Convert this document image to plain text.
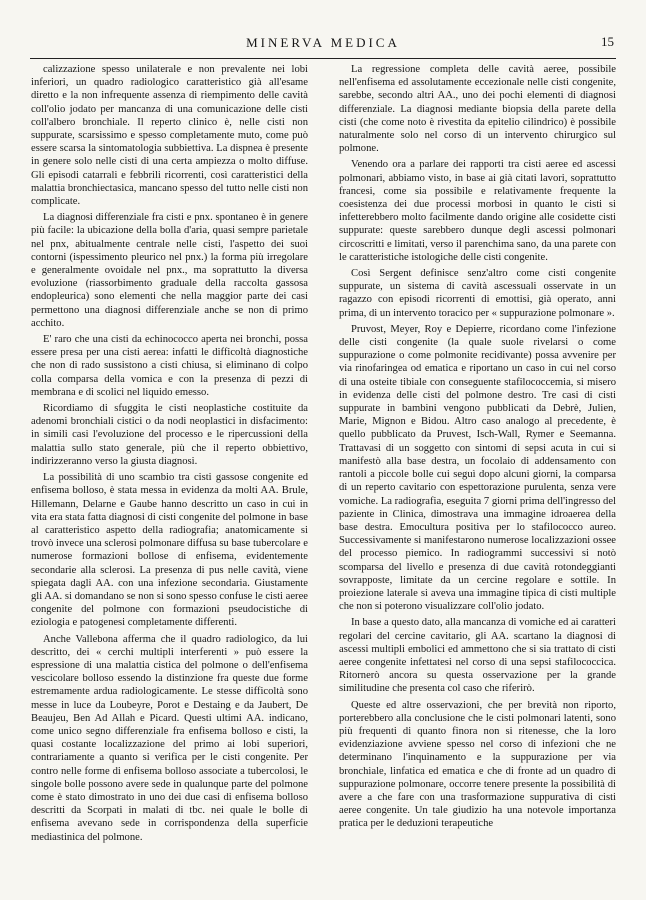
MINERVA MEDICA	15

calizzazione spesso unilaterale e non prevalente nei lobi inferiori, un quadro radiologico caratteristico già all'esame diretto e la non infrequente assenza di riempimento delle cavità coll'olio jodato per mancanza di una comunicazione delle cisti coll'albero bronchiale. Il reperto clinico è, nelle cisti non suppurate, scarsissimo e spesso completamente muto, come può essere scarsa la sintomatologia subbiettiva. La dispnea è presente in genere solo nelle cisti di una certa ampiezza o molto diffuse. Gli episodi catarrali e febbrili ricorrenti, così caratteristici della malattia bronchiectasica, mancano spesso del tutto nelle cisti non complicate.

La diagnosi differenziale fra cisti e pnx. spontaneo è in genere più facile: la ubicazione della bolla d'aria, quasi sempre parietale nel pnx, abitualmente centrale nelle cisti, l'aspetto dei suoi contorni (ispessimento pleurico nel pnx.) la forma più irregolare e generalmente ovoidale nel pnx., ma soprattutto la diversa evoluzione (riassorbimento graduale della raccolta gassosa endopleurica) sono elementi che nella maggior parte dei casi permettono una diagnosi differenziale anche se non di primo acchito.

E' raro che una cisti da echinococco aperta nei bronchi, possa essere presa per una cisti aerea: infatti le difficoltà diagnostiche che non di rado sussistono a cisti chiusa, si eliminano di colpo colla comparsa della vomica e con la presenza di pezzi di membrana e di scolici nel liquido emesso.

Ricordiamo di sfuggita le cisti neoplastiche costituite da adenomi bronchiali cistici o da nodi neoplastici in disfacimento: in simili casi l'evoluzione del processo e le ripercussioni della malattia sullo stato generale, più che il reperto obbiettivo, indirizzeranno verso la giusta diagnosi.

La possibilità di uno scambio tra cisti gassose congenite ed enfisema bolloso, è stata messa in evidenza da molti AA. Brule, Hillemann, Delarne e Gaube hanno descritto un caso in cui in vita era stata fatta diagnosi di cisti congenite del polmone in base al caratteristico aspetto della radiografia; anatomicamente si trovò invece una sclerosi polmonare diffusa su base tubercolare e numerose formazioni bollose di enfisema, evidentemente secondarie alla sclerosi. La presenza di pus nelle cavità, viene spiegata dagli AA. con una infezione secondaria. Giustamente gli AA. si domandano se non si sono spesso confuse le cisti aeree congenite del polmone con formazioni pseudocistiche di eziologia e patogenesi completamente differenti.

Anche Vallebona afferma che il quadro radiologico, da lui descritto, dei « cerchi multipli interferenti » può essere la espressione di una malattia cistica del polmone o dell'enfisema vescicolare bolloso essendo la distinzione fra queste due forme estremamente ardua radiologicamente. Le stesse difficoltà sono messe in luce da Loubeyre, Porot e Destaing e da Jaubert, De Beaujeu, Ben Ad Allah e Picard. Questi ultimi AA. indicano, come unico segno differenziale fra enfisema bolloso e cisti, la quasi costante localizzazione del primo ai lobi superiori, contrariamente a quanto si verifica per le cisti congenite. Per contro nelle forme di enfisema bolloso associate a tubercolosi, le singole bolle possono avere sede in qualunque parte del polmone come è stato dimostrato in uno dei due casi di enfisema bolloso descritti da Scorpati in malati di tbc. nei quale le bolle di enfisema avevano sede in corrispondenza della superficie mediastinica del polmone.

La regressione completa delle cavità aeree, possibile nell'enfisema ed assolutamente eccezionale nelle cisti congenite, sarebbe, secondo altri AA., uno dei pochi elementi di diagnosi differenziale. La diagnosi mediante biopsia della parete della cisti (che come noto è rivestita da epitelio cilindrico) è possibile naturalmente solo nel corso di un intervento chirurgico sul polmone.

Venendo ora a parlare dei rapporti tra cisti aeree ed ascessi polmonari, abbiamo visto, in base ai già citati lavori, soprattutto francesi, come sia possibile e relativamente frequente la coesistenza dei due processi morbosi in quanto le cisti si infetterebbero molto facilmente dando origine alle cosidette cisti suppurate: queste sarebbero dunque degli ascessi polmonari circoscritti e limitati, verso il parenchima sano, da una parete con le caratteristiche istologiche delle cisti congenite.

Così Sergent definisce senz'altro come cisti congenite suppurate, un sistema di cavità ascessuali osservate in un ragazzo con episodi ricorrenti di emottisi, già operato, anni prima, di un intervento toracico per « suppurazione polmonare ».

Pruvost, Meyer, Roy e Depierre, ricordano come l'infezione delle cisti congenite (la quale suole rivelarsi o come suppurazione o come polmonite recidivante) possa avvenire per via rinofaringea od ematica e riportano un caso in cui nel corso di una osteite tibiale con conseguente stafilococcemia, si misero in evidenza delle cisti del polmone destro. Tre casi di cisti suppurate in bambini vengono pubblicati da Debrè, Julien, Marie, Mignon e Bidou. Altro caso analogo al precedente, è quello pubblicato da Pruvest, Isch-Wall, Rymer e Seemanna. Trattavasi di un soggetto con sintomi di sepsi acuta in cui si manifestò alla base destra, un focolaio di addensamento con rantoli a piccole bolle cui seguì dopo alcuni giorni, la comparsa di un reperto cavitario con espettorazione purulenta, senza vere vomiche. La radiografia, eseguita 7 giorni prima dell'ingresso del paziente in Clinica, dimostrava una immagine idroaerea della base destra. Emocultura positiva per lo stafilococco aureo. Successivamente si manifestarono numerose localizzazioni ossee del processo piemico. In radiogrammi successivi si notò scomparsa del livello e presenza di due cavità rotondeggianti sovrapposte, limitate da un cercine regolare e sottile. In proiezione laterale si aveva una immagine tipica di cisti multiple che non si poterono visualizzare coll'olio jodato.

In base a questo dato, alla mancanza di vomiche ed ai caratteri regolari del cercine cavitario, gli AA. scartano la diagnosi di ascessi multipli embolici ed ammettono che si sia trattato di cisti aeree congenite infettatesi nel corso di una sepsi stafilococcica. Ritornerò ancora su questa osservazione per la grande similitudine che presenta col caso che riferirò.

Queste ed altre osservazioni, che per brevità non riporto, porterebbero alla conclusione che le cisti polmonari latenti, sono più frequenti di quanto finora non si ritenesse, che la loro evidenziazione avviene spesso nel corso di infezioni che ne determinano l'inquinamento e la suppurazione per via bronchiale, linfatica ed ematica e che di fronte ad un quadro di suppurazione polmonare, occorre tenere presente la possibilità di avere a che fare con una trasformazione suppurativa di cisti aeree congenite. Un tale giudizio ha una notevole importanza pratica per le deduzioni terapeutiche
